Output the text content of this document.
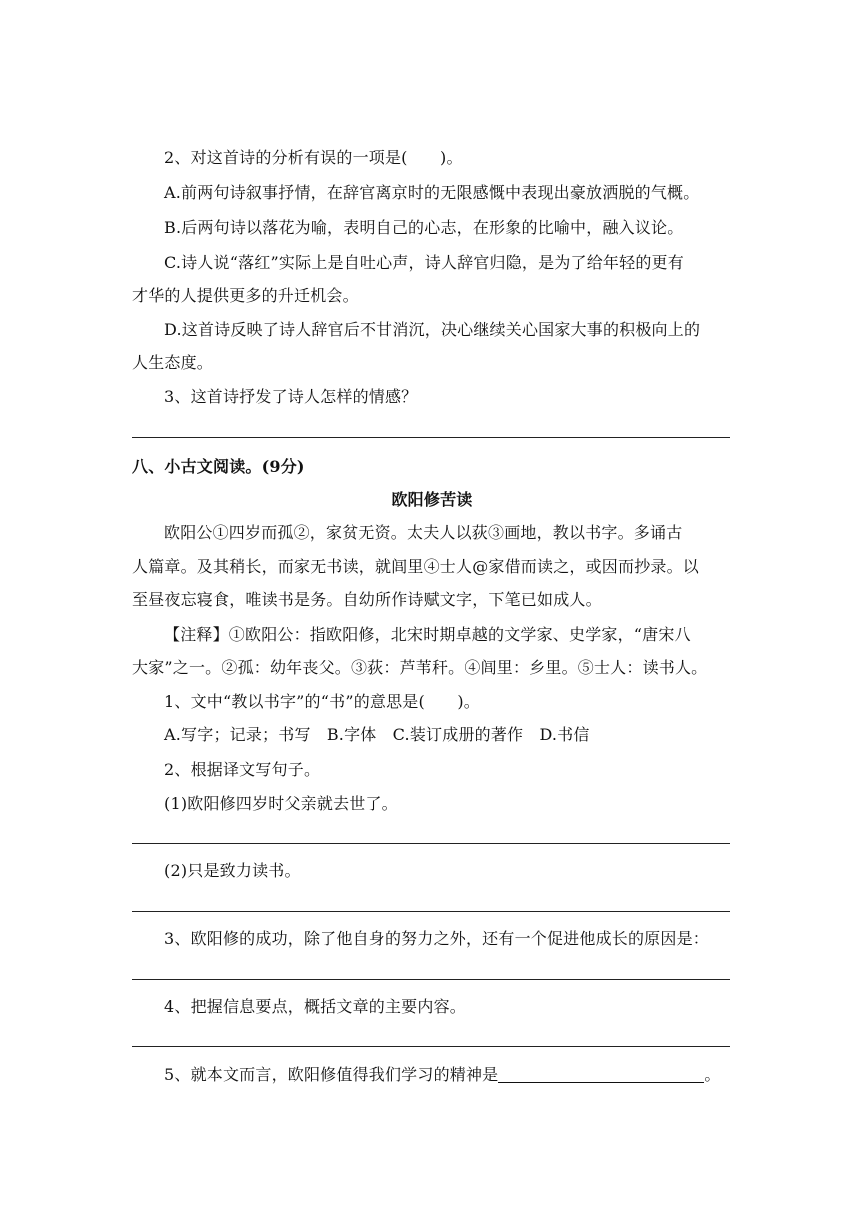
2、对这首诗的分析有误的一项是(　　)。
A.前两句诗叙事抒情，在辞官离京时的无限感慨中表现出豪放洒脱的气概。
B.后两句诗以落花为喻，表明自己的心志，在形象的比喻中，融入议论。
C.诗人说“落红”实际上是自吐心声，诗人辞官归隐，是为了给年轻的更有
才华的人提供更多的升迁机会。
D.这首诗反映了诗人辞官后不甘消沉，决心继续关心国家大事的积极向上的
人生态度。
3、这首诗抒发了诗人怎样的情感？
八、小古文阅读。(9分)
欧阳修苦读
欧阳公①四岁而孤②，家贫无资。太夫人以荻③画地，教以书字。多诵古
人篇章。及其稍长，而家无书读，就闾里④士人@家借而读之，或因而抄录。以
至昼夜忘寝食，唯读书是务。自幼所作诗赋文字，下笔已如成人。
【注释】①欧阳公：指欧阳修，北宋时期卓越的文学家、史学家，“唐宋八
大家”之一。②孤：幼年丧父。③荻：芦苇秆。④闾里：乡里。⑤士人：读书人。
1、文中“教以书字”的“书”的意思是(　　)。
A.写字；记录；书写　B.字体　C.装订成册的著作　D.书信
2、根据译文写句子。
(1)欧阳修四岁时父亲就去世了。
(2)只是致力读书。
3、欧阳修的成功，除了他自身的努力之外，还有一个促进他成长的原因是：
4、把握信息要点，概括文章的主要内容。
5、就本文而言，欧阳修值得我们学习的精神是	。
